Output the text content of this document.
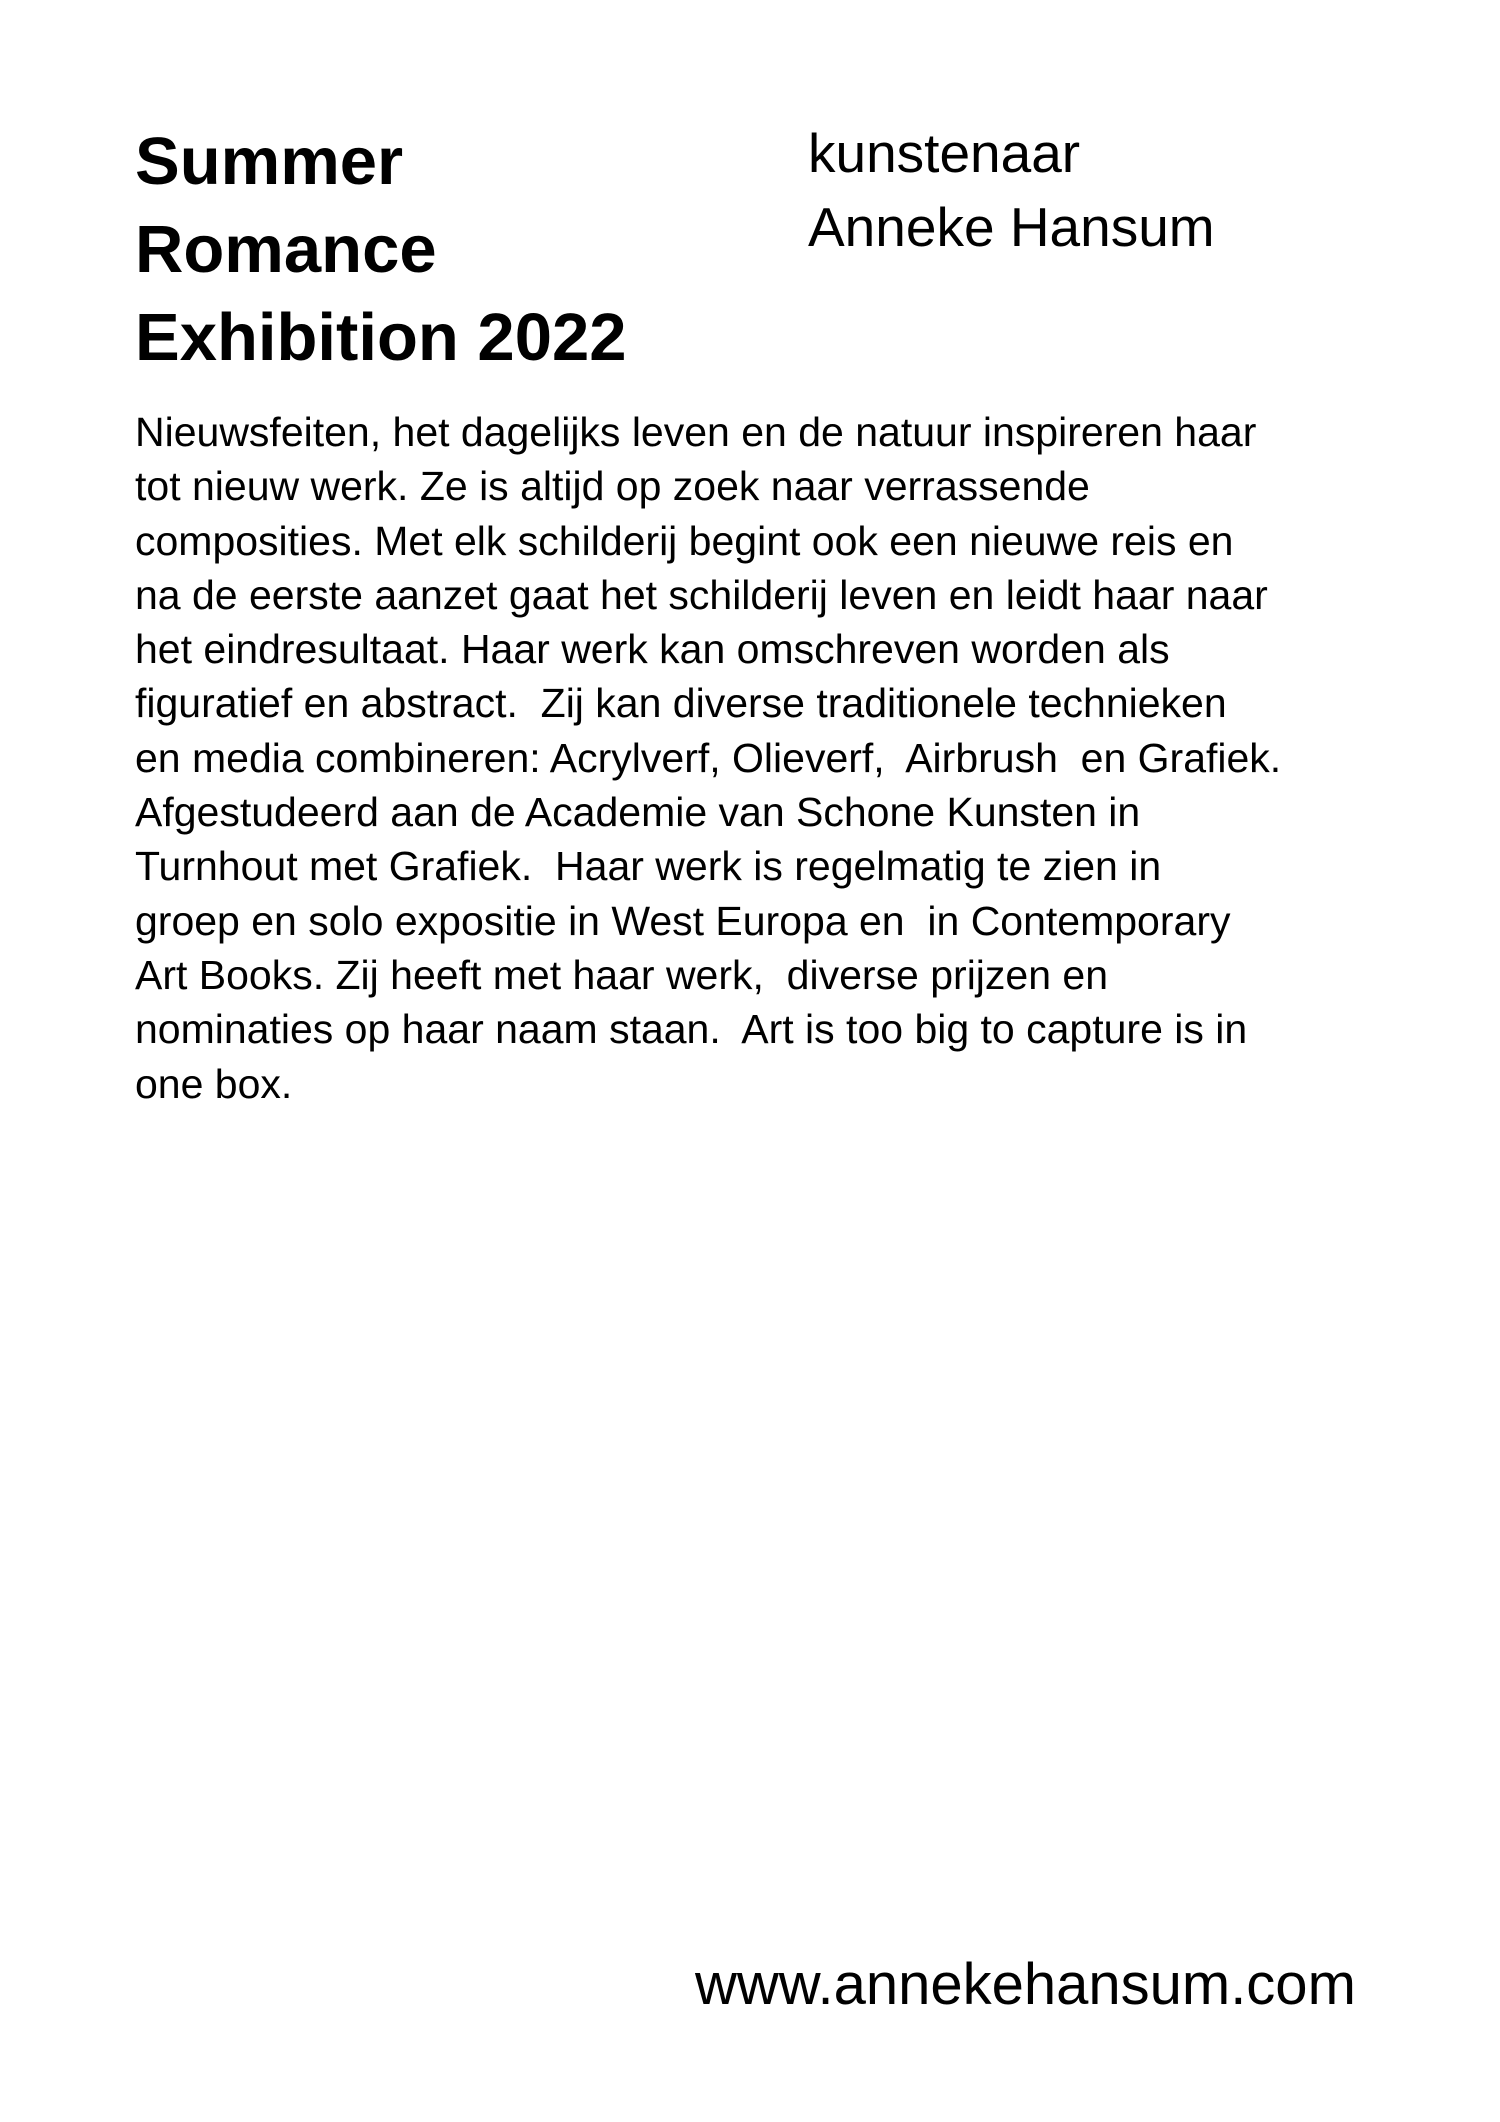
Summer
Romance
Exhibition 2022
kunstenaar
Anneke Hansum
Nieuwsfeiten, het dagelijks leven en de natuur inspireren haar
tot nieuw werk. Ze is altijd op zoek naar verrassende
composities. Met elk schilderij begint ook een nieuwe reis en
na de eerste aanzet gaat het schilderij leven en leidt haar naar
het eindresultaat. Haar werk kan omschreven worden als
figuratief en abstract.  Zij kan diverse traditionele technieken
en media combineren: Acrylverf, Olieverf,  Airbrush  en Grafiek.
Afgestudeerd aan de Academie van Schone Kunsten in
Turnhout met Grafiek.  Haar werk is regelmatig te zien in
groep en solo expositie in West Europa en  in Contemporary
Art Books. Zij heeft met haar werk,  diverse prijzen en
nominaties op haar naam staan.  Art is too big to capture is in
one box.
www.annekehansum.com
